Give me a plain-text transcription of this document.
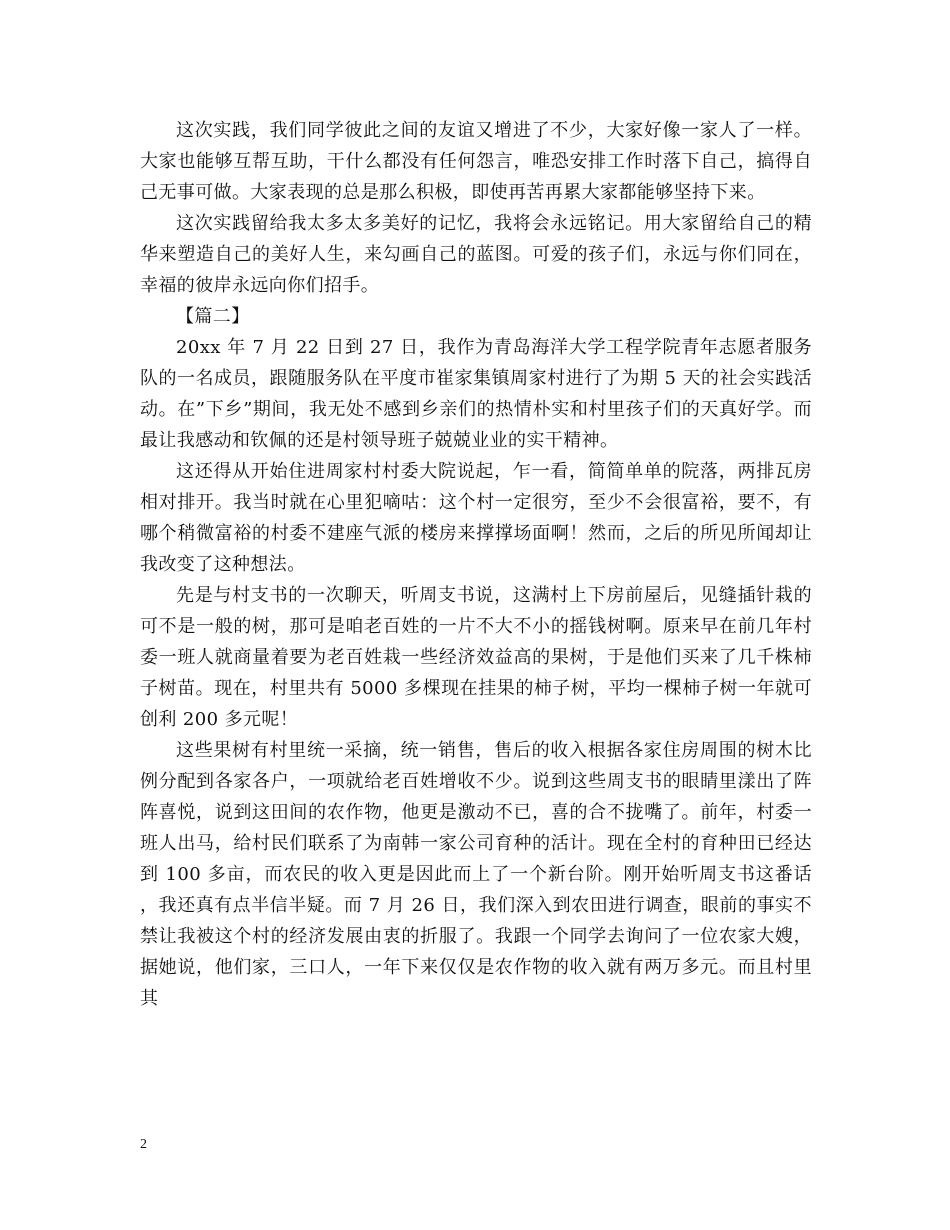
这次实践，我们同学彼此之间的友谊又增进了不少，大家好像一家人了一样。大家也能够互帮互助，干什么都没有任何怨言，唯恐安排工作时落下自己，搞得自己无事可做。大家表现的总是那么积极，即使再苦再累大家都能够坚持下来。

这次实践留给我太多太多美好的记忆，我将会永远铭记。用大家留给自己的精华来塑造自己的美好人生，来勾画自己的蓝图。可爱的孩子们，永远与你们同在，幸福的彼岸永远向你们招手。

【篇二】

20xx 年 7 月 22 日到 27 日，我作为青岛海洋大学工程学院青年志愿者服务队的一名成员，跟随服务队在平度市崔家集镇周家村进行了为期 5 天的社会实践活动。在”下乡”期间，我无处不感到乡亲们的热情朴实和村里孩子们的天真好学。而最让我感动和钦佩的还是村领导班子兢兢业业的实干精神。

这还得从开始住进周家村村委大院说起，乍一看，简简单单的院落，两排瓦房相对排开。我当时就在心里犯嘀咕：这个村一定很穷，至少不会很富裕，要不，有哪个稍微富裕的村委不建座气派的楼房来撑撑场面啊！然而，之后的所见所闻却让我改变了这种想法。

先是与村支书的一次聊天，听周支书说，这满村上下房前屋后，见缝插针栽的可不是一般的树，那可是咱老百姓的一片不大不小的摇钱树啊。原来早在前几年村委一班人就商量着要为老百姓栽一些经济效益高的果树，于是他们买来了几千株柿子树苗。现在，村里共有 5000 多棵现在挂果的柿子树，平均一棵柿子树一年就可创利 200 多元呢！

这些果树有村里统一采摘，统一销售，售后的收入根据各家住房周围的树木比例分配到各家各户，一项就给老百姓增收不少。说到这些周支书的眼睛里漾出了阵阵喜悦，说到这田间的农作物，他更是激动不已，喜的合不拢嘴了。前年，村委一班人出马，给村民们联系了为南韩一家公司育种的活计。现在全村的育种田已经达到 100 多亩，而农民的收入更是因此而上了一个新台阶。刚开始听周支书这番话，我还真有点半信半疑。而 7 月 26 日，我们深入到农田进行调查，眼前的事实不禁让我被这个村的经济发展由衷的折服了。我跟一个同学去询问了一位农家大嫂，据她说，他们家，三口人，一年下来仅仅是农作物的收入就有两万多元。而且村里其

2
